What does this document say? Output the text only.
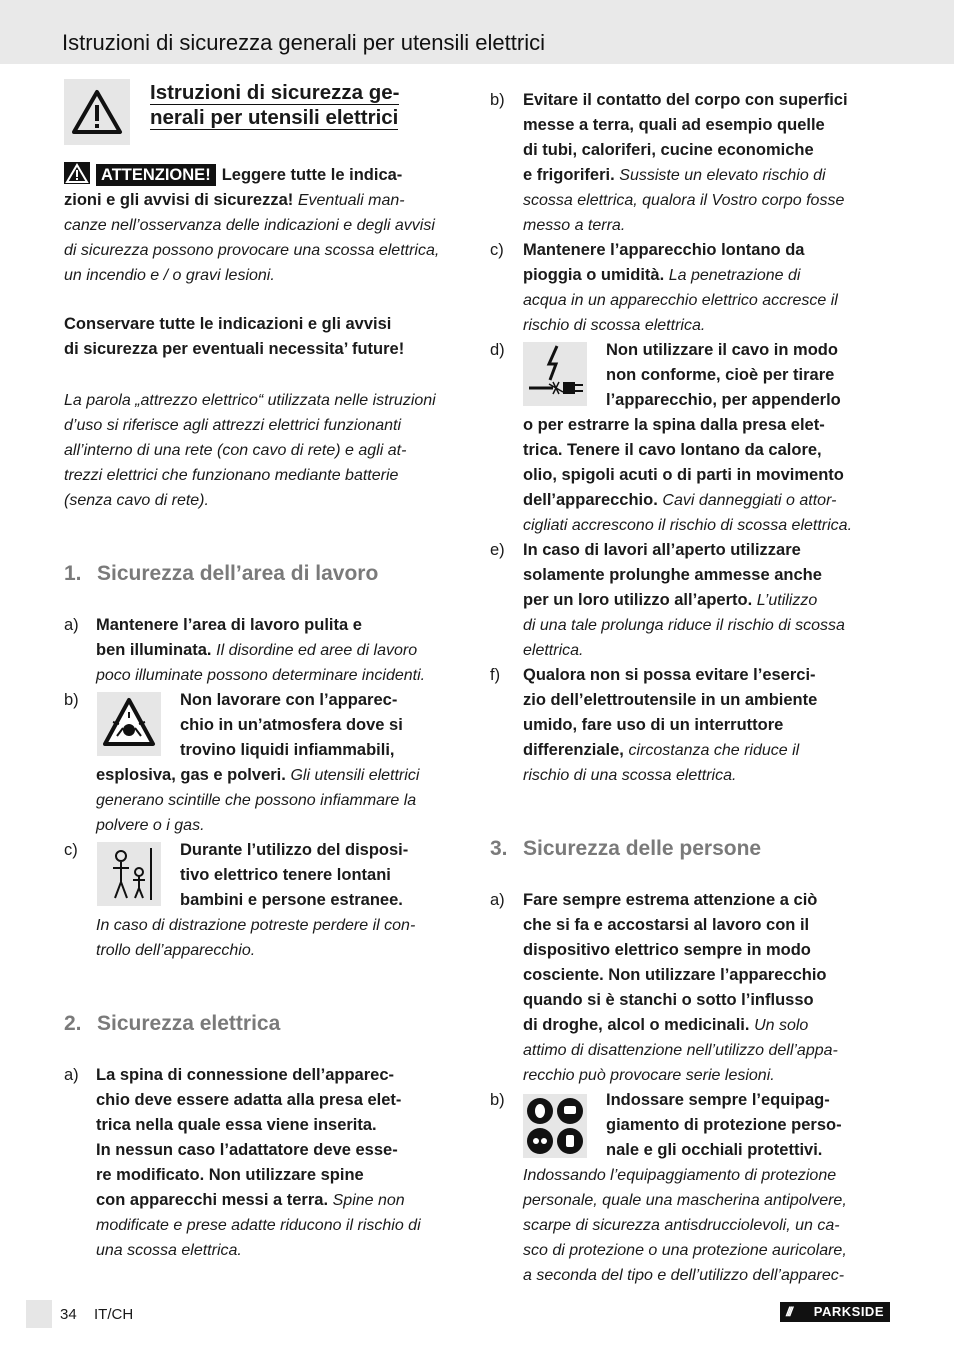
Istruzioni di sicurezza generali per utensili elettrici
Istruzioni di sicurezza ge-
nerali per utensili elettrici
ATTENZIONE! Leggere tutte le indica-
zioni e gli avvisi di sicurezza! Eventuali man-
canze nell’osservanza delle indicazioni e degli avvisi
di sicurezza possono provocare una scossa elettrica,
un incendio e / o gravi lesioni.
Conservare tutte le indicazioni e gli avvisi
di sicurezza per eventuali necessita’ future!
La parola „attrezzo elettrico“ utilizzata nelle istruzioni
d’uso si riferisce agli attrezzi elettrici funzionanti
all’interno di una rete (con cavo di rete) e agli at-
trezzi elettrici che funzionano mediante batterie
(senza cavo di rete).
1. Sicurezza dell’area di lavoro
a) Mantenere l’area di lavoro pulita e
ben illuminata. Il disordine ed aree di lavoro
poco illuminate possono determinare incidenti.
b)	Non lavorare con l’apparec-
chio in un’atmosfera dove si
trovino liquidi infiammabili,
esplosiva, gas e polveri. Gli utensili elettrici
generano scintille che possono infiammare la
polvere o i gas.
c)	Durante l’utilizzo del disposi-
tivo elettrico tenere lontani
bambini e persone estranee.
In caso di distrazione potreste perdere il con-
trollo dell’apparecchio.
2. Sicurezza elettrica
a) La spina di connessione dell’apparec-
chio deve essere adatta alla presa elet-
trica nella quale essa viene inserita.
In nessun caso l’adattatore deve esse-
re modificato. Non utilizzare spine
con apparecchi messi a terra. Spine non
modificate e prese adatte riducono il rischio di
una scossa elettrica.
b) Evitare il contatto del corpo con superfici
messe a terra, quali ad esempio quelle
di tubi, caloriferi, cucine economiche
e frigoriferi. Sussiste un elevato rischio di
scossa elettrica, qualora il Vostro corpo fosse
messo a terra.
c) Mantenere l’apparecchio lontano da
pioggia o umidità. La penetrazione di
acqua in un apparecchio elettrico accresce il
rischio di scossa elettrica.
d)	Non utilizzare il cavo in modo
non conforme, cioè per tirare
l’apparecchio, per appenderlo
o per estrarre la spina dalla presa elet-
trica. Tenere il cavo lontano da calore,
olio, spigoli acuti o di parti in movimento
dell’apparecchio. Cavi danneggiati o attor-
cigliati accrescono il rischio di scossa elettrica.
e) In caso di lavori all’aperto utilizzare
solamente prolunghe ammesse anche
per un loro utilizzo all’aperto. L’utilizzo
di una tale prolunga riduce il rischio di scossa
elettrica.
f) Qualora non si possa evitare l’eserci-
zio dell’elettroutensile in un ambiente
umido, fare uso di un interruttore
differenziale, circostanza che riduce il
rischio di una scossa elettrica.
3. Sicurezza delle persone
a) Fare sempre estrema attenzione a ciò
che si fa e accostarsi al lavoro con il
dispositivo elettrico sempre in modo
cosciente. Non utilizzare l’apparecchio
quando si è stanchi o sotto l’influsso
di droghe, alcol o medicinali. Un solo
attimo di disattenzione nell’utilizzo dell’appa-
recchio può provocare serie lesioni.
b)	Indossare sempre l’equipag-
giamento di protezione perso-
nale e gli occhiali protettivi.
Indossando l’equipaggiamento di protezione
personale, quale una mascherina antipolvere,
scarpe di sicurezza antisdrucciolevoli, un ca-
sco di protezione o una protezione auricolare,
a seconda del tipo e dell’utilizzo dell’apparec-
34 IT/CH	/// PARKSIDE
